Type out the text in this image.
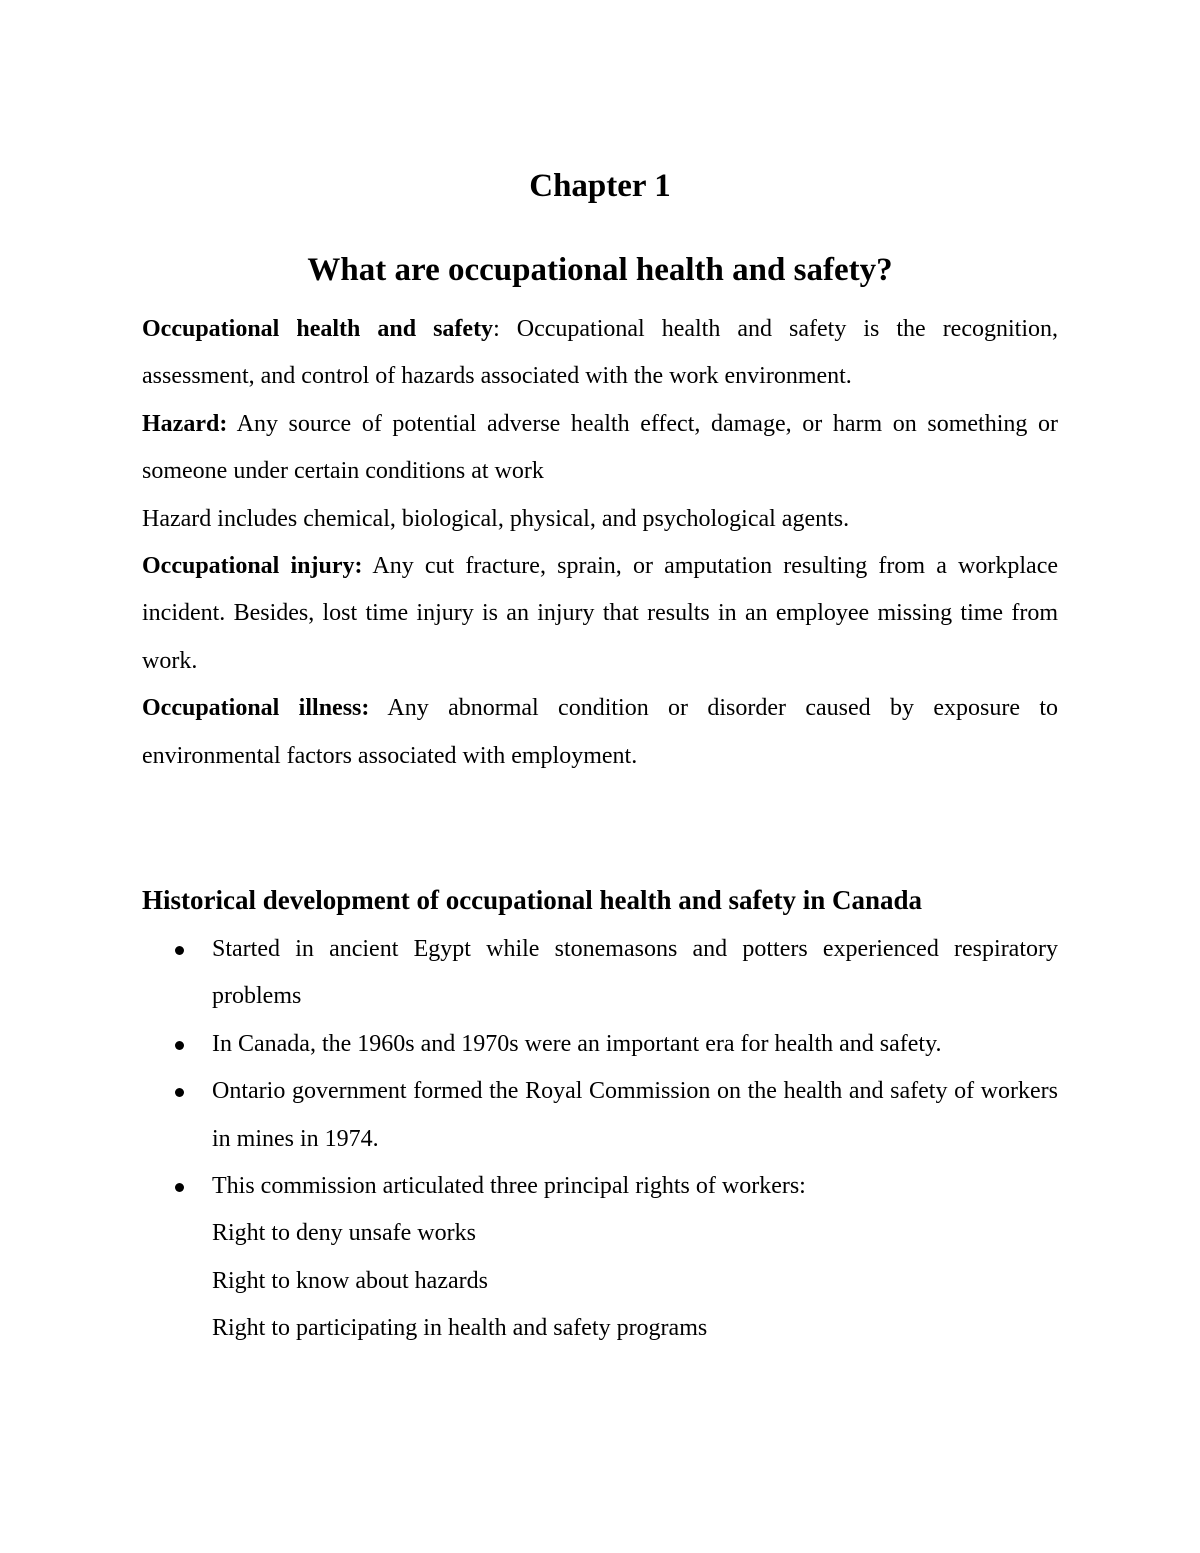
Chapter 1
What are occupational health and safety?

Occupational health and safety: Occupational health and safety is the recognition, assessment, and control of hazards associated with the work environment.

Hazard: Any source of potential adverse health effect, damage, or harm on something or someone under certain conditions at work

Hazard includes chemical, biological, physical, and psychological agents.

Occupational injury: Any cut fracture, sprain, or amputation resulting from a workplace incident. Besides, lost time injury is an injury that results in an employee missing time from work.

Occupational illness: Any abnormal condition or disorder caused by exposure to environmental factors associated with employment.

Historical development of occupational health and safety in Canada
Started in ancient Egypt while stonemasons and potters experienced respiratory problems
In Canada, the 1960s and 1970s were an important era for health and safety.
Ontario government formed the Royal Commission on the health and safety of workers in mines in 1974.
This commission articulated three principal rights of workers:
Right to deny unsafe works
Right to know about hazards
Right to participating in health and safety programs
